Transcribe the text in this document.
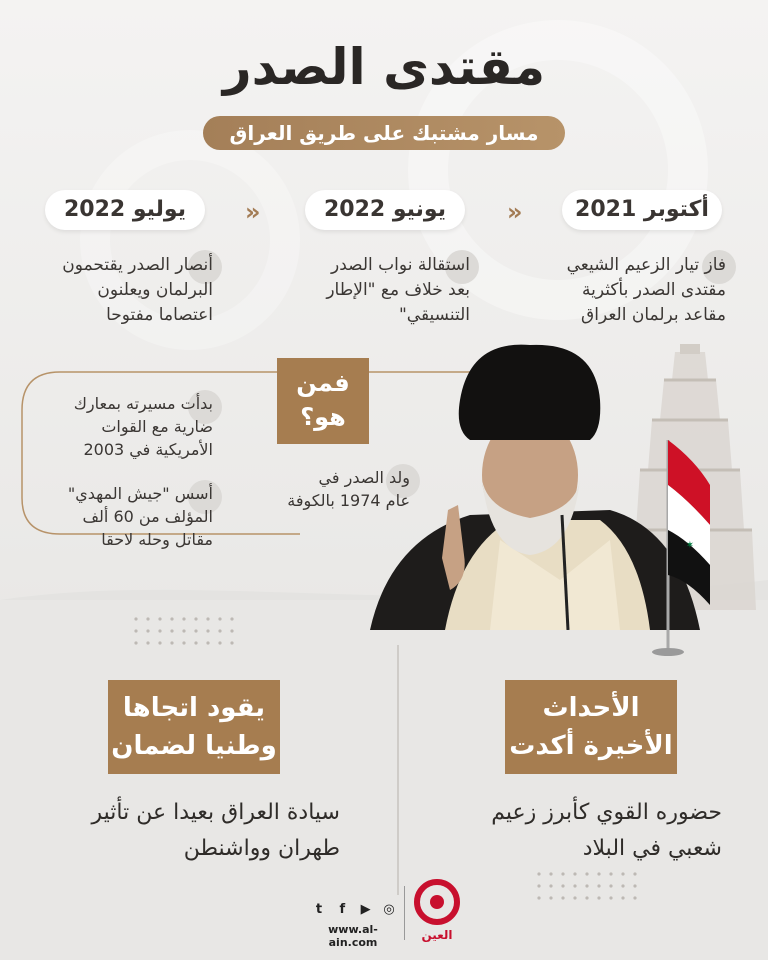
مقتدى الصدر
مسار مشتبك على طريق العراق
أكتوبر 2021
يونيو 2022
يوليو 2022	«
«
فاز تيار الزعيم الشيعي
مقتدى الصدر بأكثرية
مقاعد برلمان العراق
استقالة نواب الصدر
بعد خلاف مع "الإطار
التنسيقي"
أنصار الصدر يقتحمون
البرلمان ويعلنون
اعتصاما مفتوحا
فمن
هو؟
ولد الصدر في
عام 1974 بالكوفة
بدأت مسيرته بمعارك
ضارية مع القوات
الأمريكية في 2003
أسس "جيش المهدي"
المؤلف من 60 ألف
مقاتل وحله لاحقا	✶
الأحداث
الأخيرة أكدت
حضوره القوي كأبرز زعيم
شعبي في البلاد
يقود اتجاها
وطنيا لضمان
سيادة العراق بعيدا عن تأثير
طهران وواشنطن
t	f	▶ ◎
www.al-ain.com
العين
